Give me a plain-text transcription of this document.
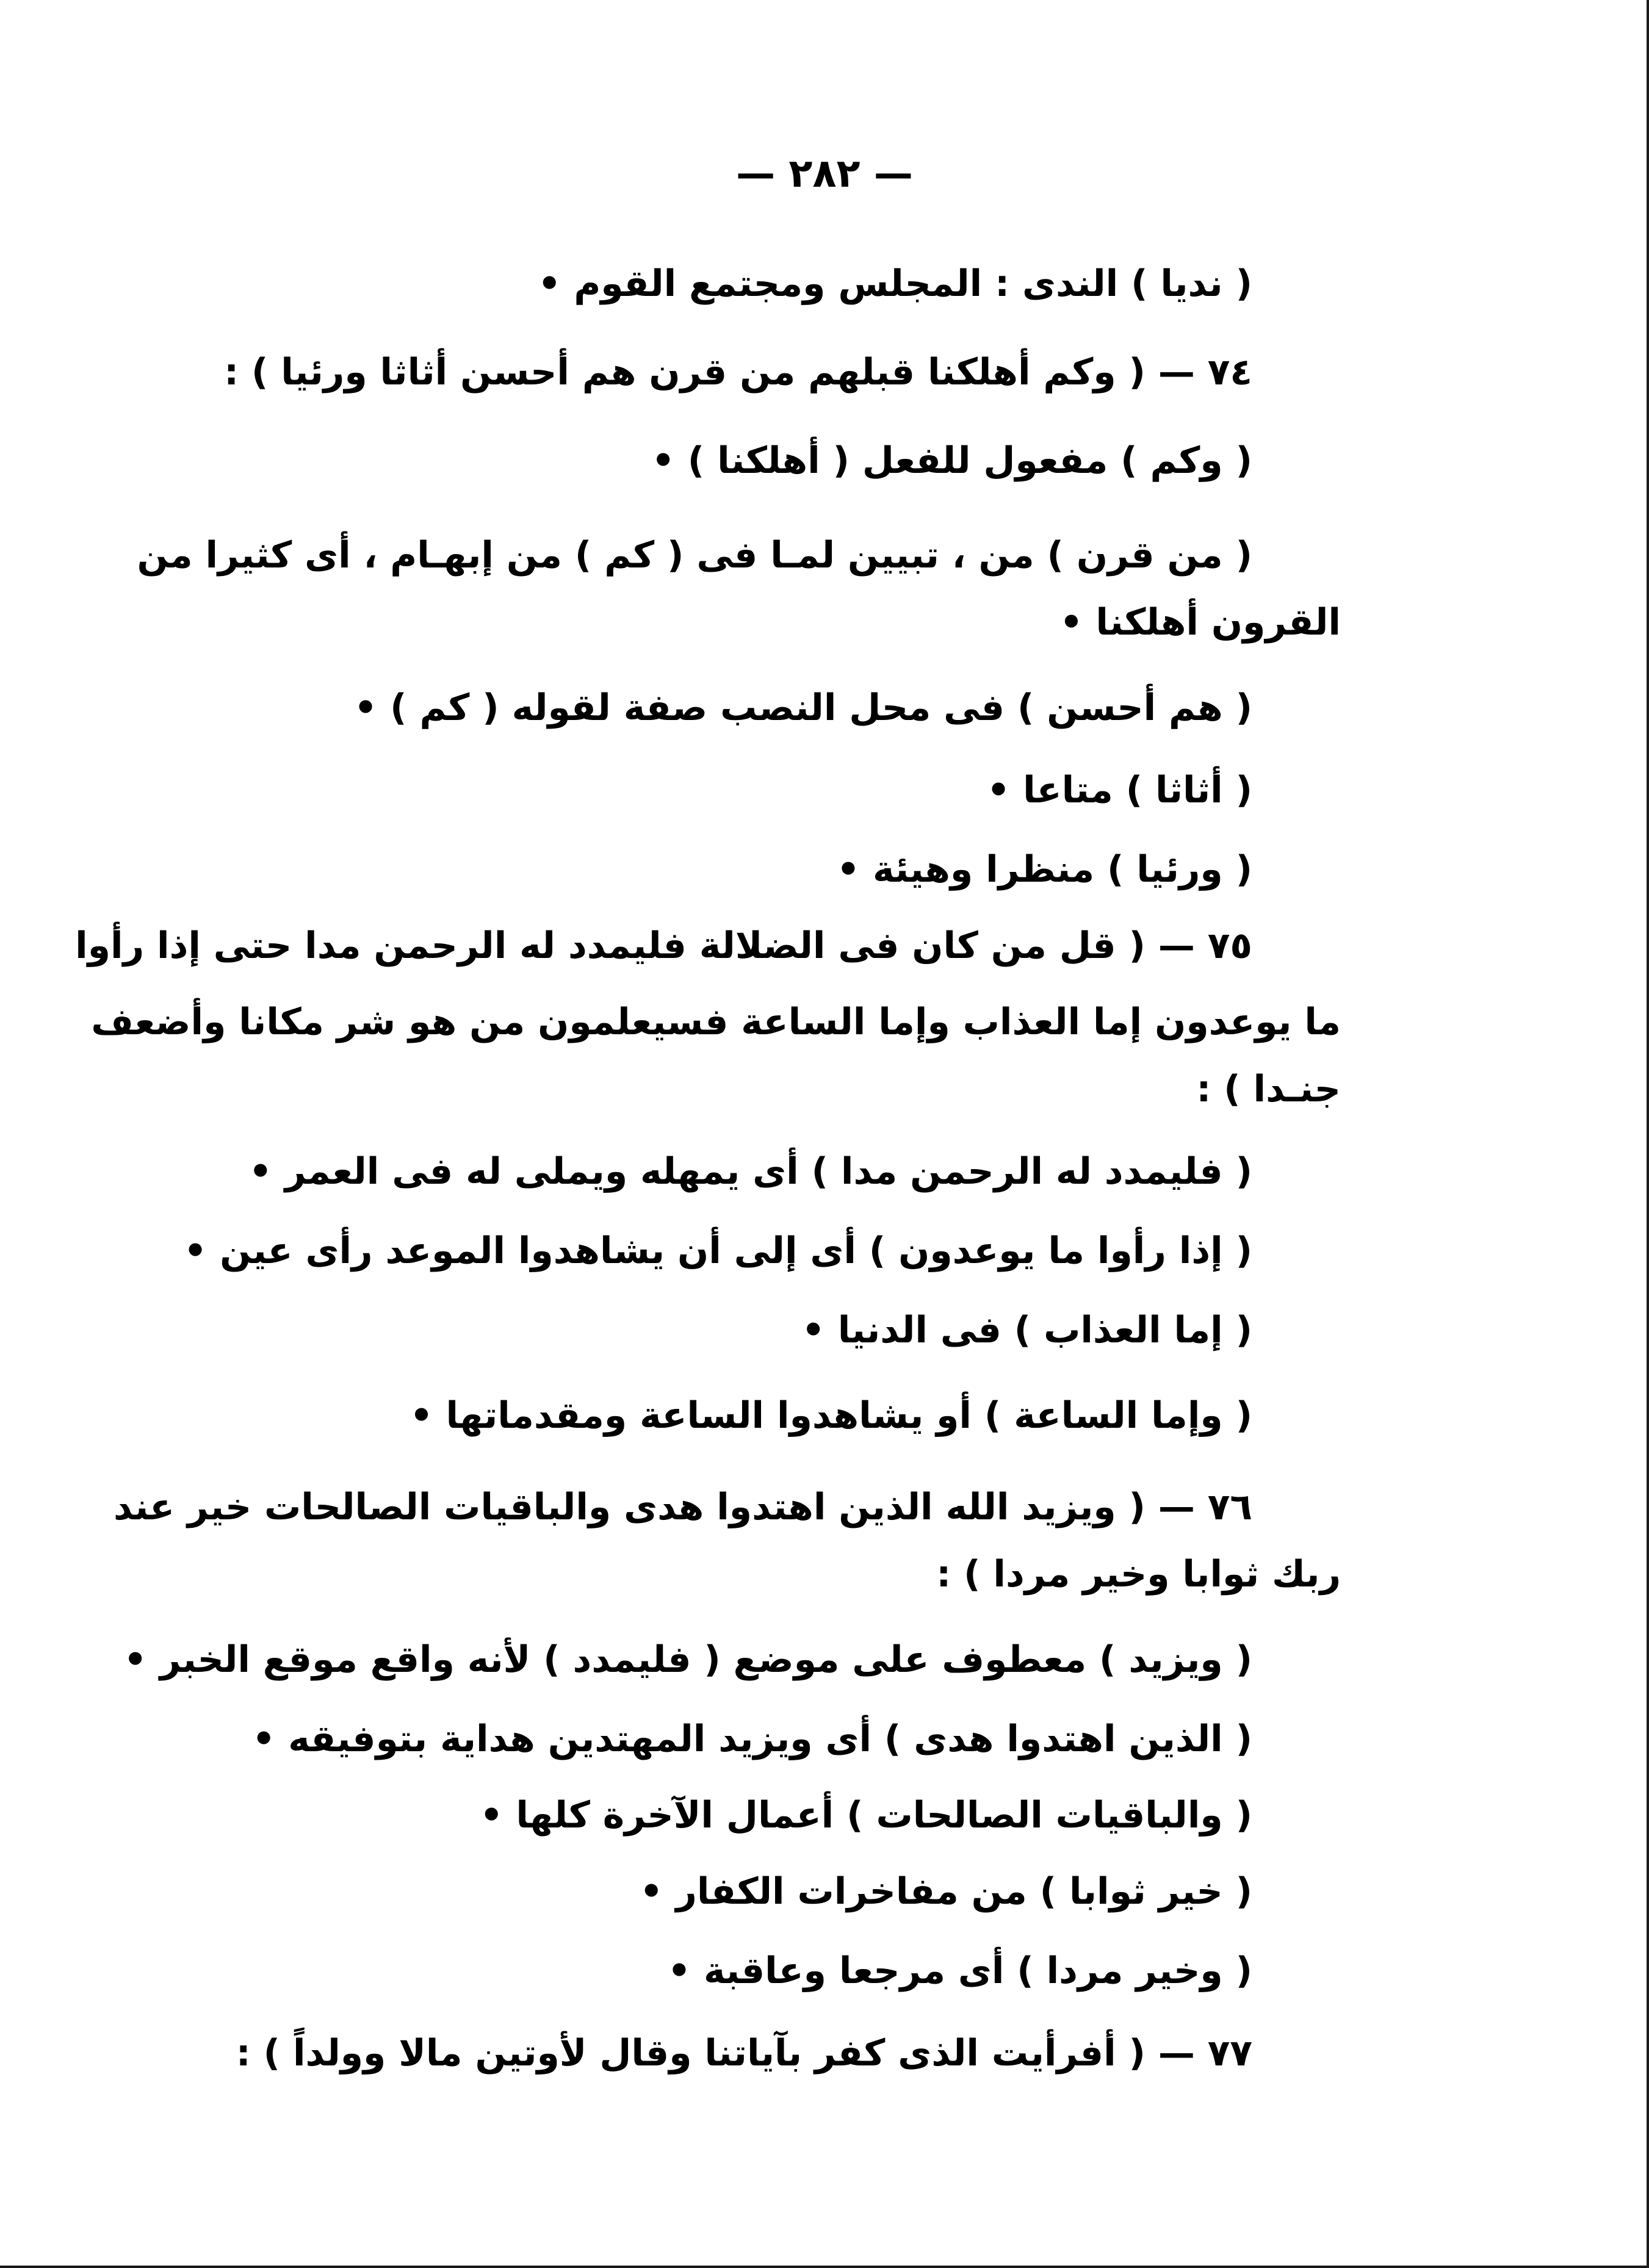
— ٢٨٢ —
( نديا ) الندى : المجلس ومجتمع القوم •
٧٤ — ( وكم أهلكنا قبلهم من قرن هم أحسن أثاثا ورئيا ) :
( وكم ) مفعول للفعل ( أهلكنا ) •
( من قرن ) من ، تبيين لمـا فى ( كم ) من إبهـام ، أى كثيرا من
القرون أهلكنا •
( هم أحسن ) فى محل النصب صفة لقوله ( كم ) •
( أثاثا ) متاعا •
( ورئيا ) منظرا وهيئة •
٧٥ — ( قل من كان فى الضلالة فليمدد له الرحمن مدا حتى إذا رأوا
ما يوعدون إما العذاب وإما الساعة فسيعلمون من هو شر مكانا وأضعف
جنـدا ) :
( فليمدد له الرحمن مدا ) أى يمهله ويملى له فى العمر •
( إذا رأوا ما يوعدون ) أى إلى أن يشاهدوا الموعد رأى عين •
( إما العذاب ) فى الدنيا •
( وإما الساعة ) أو يشاهدوا الساعة ومقدماتها •
٧٦ — ( ويزيد الله الذين اهتدوا هدى والباقيات الصالحات خير عند
ربك ثوابا وخير مردا ) :
( ويزيد ) معطوف على موضع ( فليمدد ) لأنه واقع موقع الخبر •
( الذين اهتدوا هدى ) أى ويزيد المهتدين هداية بتوفيقه •
( والباقيات الصالحات ) أعمال الآخرة كلها •
( خير ثوابا ) من مفاخرات الكفار •
( وخير مردا ) أى مرجعا وعاقبة •
٧٧ — ( أفرأيت الذى كفر بآياتنا وقال لأوتين مالا وولداً ) :
